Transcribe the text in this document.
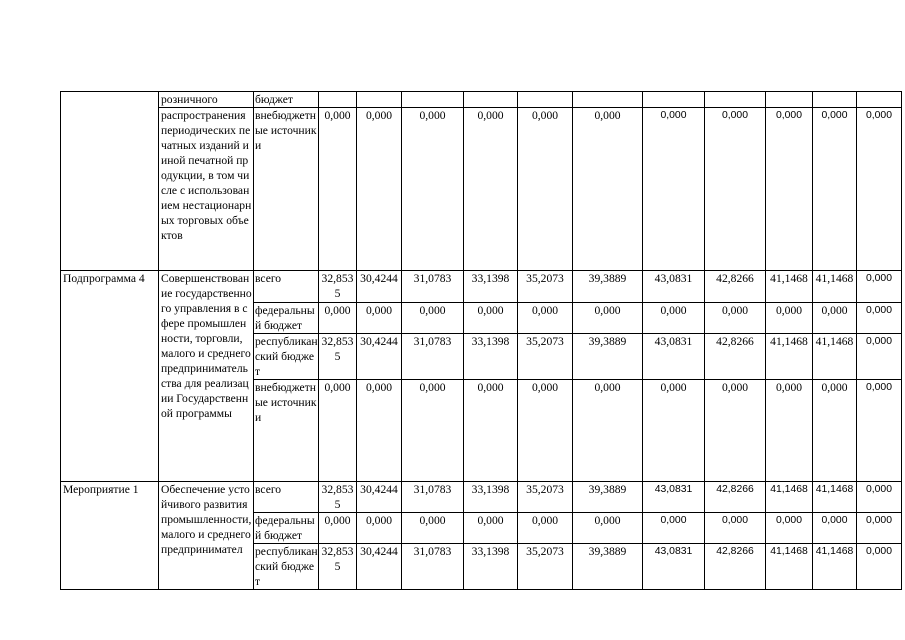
	розничного	бюджет											
	распространения периодических печатных изданий и иной печатной продукции, в том числе с использованием нестационарных торговых объектов	внебюджетные источники	0,000	0,000	0,000	0,000	0,000	0,000	0,000	0,000	0,000	0,000	0,000
Подпрограмма 4	Совершенствование государственного управления в сфере промышленности, торговли, малого и среднего предпринимательства для реализации Государственной программы	всего	32,8535	30,4244	31,0783	33,1398	35,2073	39,3889	43,0831	42,8266	41,1468	41,1468	0,000
		федеральный бюджет	0,000	0,000	0,000	0,000	0,000	0,000	0,000	0,000	0,000	0,000	0,000
		республиканский бюджет	32,8535	30,4244	31,0783	33,1398	35,2073	39,3889	43,0831	42,8266	41,1468	41,1468	0,000
		внебюджетные источники	0,000	0,000	0,000	0,000	0,000	0,000	0,000	0,000	0,000	0,000	0,000
Мероприятие 1	Обеспечение устойчивого развития промышленности, малого и среднего предпринимател	всего	32,8535	30,4244	31,0783	33,1398	35,2073	39,3889	43,0831	42,8266	41,1468	41,1468	0,000
		федеральный бюджет	0,000	0,000	0,000	0,000	0,000	0,000	0,000	0,000	0,000	0,000	0,000
		республиканский бюджет	32,8535	30,4244	31,0783	33,1398	35,2073	39,3889	43,0831	42,8266	41,1468	41,1468	0,000
